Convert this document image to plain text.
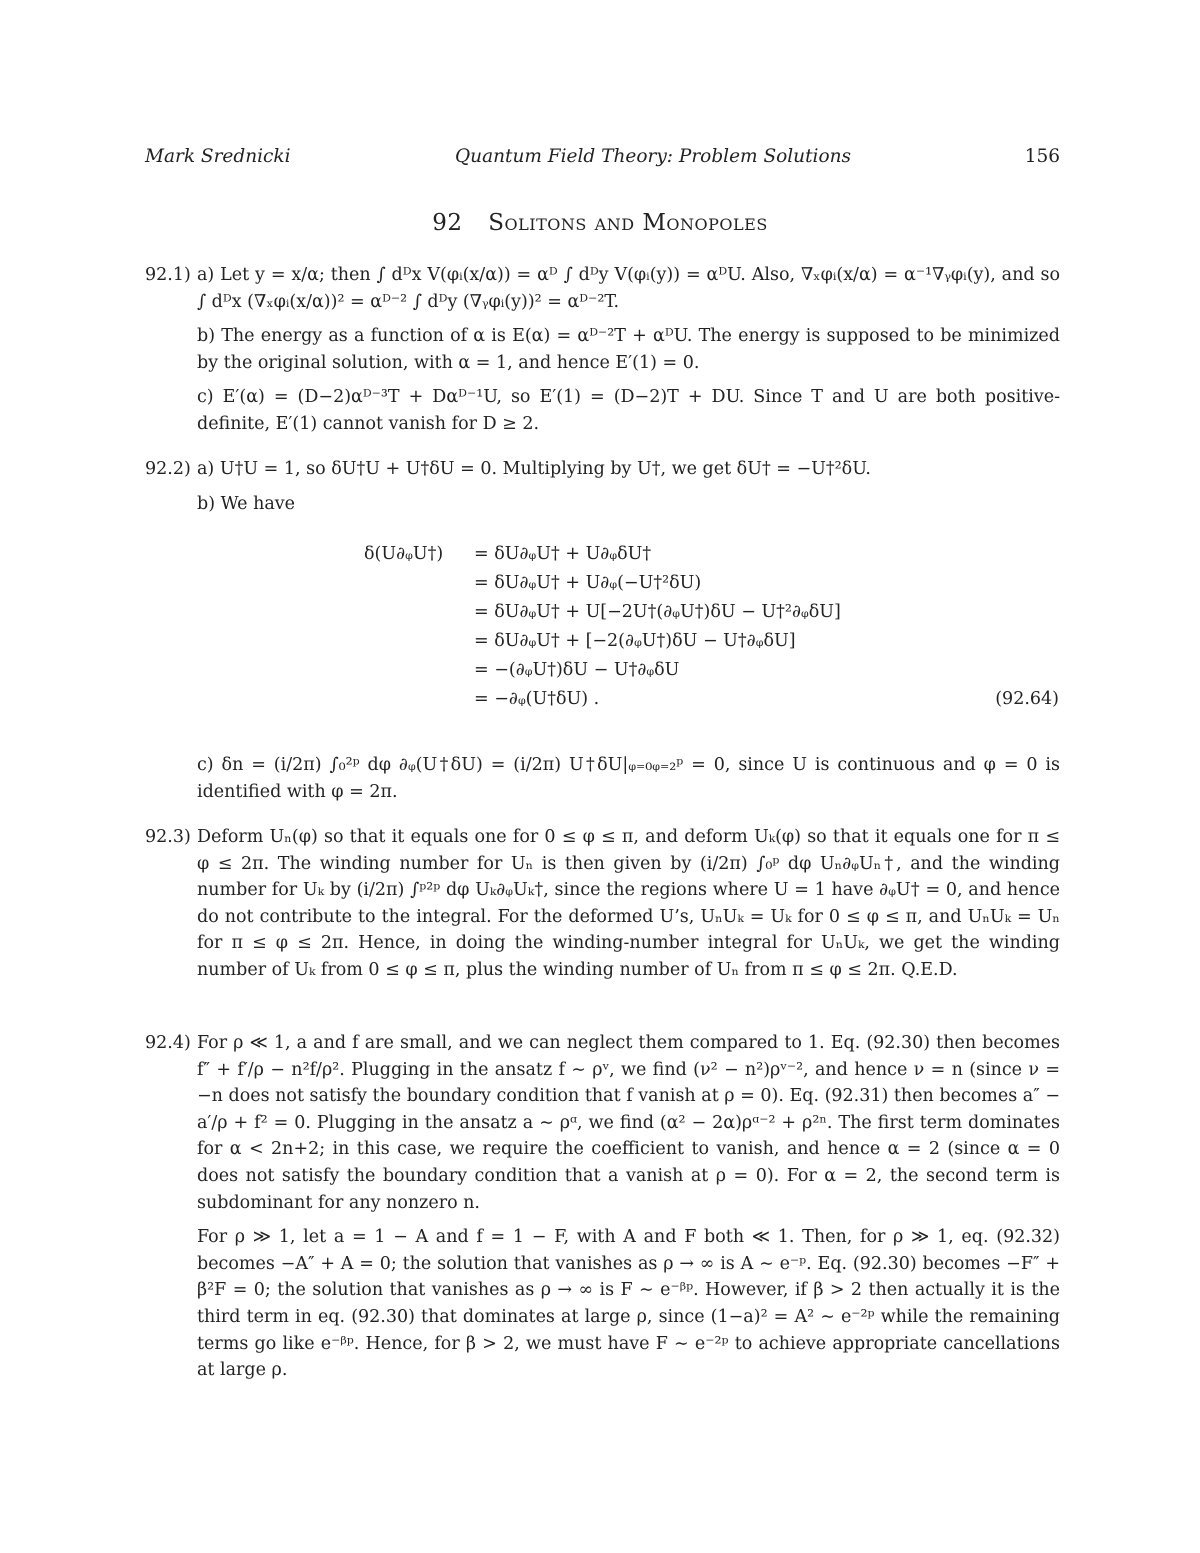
Mark Srednicki	Quantum Field Theory: Problem Solutions	156
92 Solitons and Monopoles
92.1) a) Let y = x/α; then ∫ dᴰx V(φᵢ(x/α)) = αᴰ ∫ dᴰy V(φᵢ(y)) = αᴰU. Also, ∇ₓφᵢ(x/α) = α⁻¹∇ᵧφᵢ(y), and so ∫ dᴰx (∇ₓφᵢ(x/α))² = αᴰ⁻² ∫ dᴰy (∇ᵧφᵢ(y))² = αᴰ⁻²T.

b) The energy as a function of α is E(α) = αᴰ⁻²T + αᴰU. The energy is supposed to be minimized by the original solution, with α = 1, and hence E′(1) = 0.

c) E′(α) = (D−2)αᴰ⁻³T + Dαᴰ⁻¹U, so E′(1) = (D−2)T + DU. Since T and U are both positive-definite, E′(1) cannot vanish for D ≥ 2.

92.2) a) U†U = 1, so δU†U + U†δU = 0. Multiplying by U†, we get δU† = −U†²δU.

b) We have

δ(U∂ᵩU†)	= δU∂ᵩU† + U∂ᵩδU†
= δU∂ᵩU† + U∂ᵩ(−U†²δU)
= δU∂ᵩU† + U[−2U†(∂ᵩU†)δU − U†²∂ᵩδU]
= δU∂ᵩU† + [−2(∂ᵩU†)δU − U†∂ᵩδU]
= −(∂ᵩU†)δU − U†∂ᵩδU
= −∂ᵩ(U†δU) .	(92.64)

c) δn = (i/2π) ∫₀²ᵖ dφ ∂ᵩ(U†δU) = (i/2π) U†δU|ᵩ₌₀ᵩ₌₂ᵖ = 0, since U is continuous and φ = 0 is identified with φ = 2π.

92.3) Deform Uₙ(φ) so that it equals one for 0 ≤ φ ≤ π, and deform Uₖ(φ) so that it equals one for π ≤ φ ≤ 2π. The winding number for Uₙ is then given by (i/2π) ∫₀ᵖ dφ Uₙ∂ᵩUₙ†, and the winding number for Uₖ by (i/2π) ∫ᵖ²ᵖ dφ Uₖ∂ᵩUₖ†, since the regions where U = 1 have ∂ᵩU† = 0, and hence do not contribute to the integral. For the deformed U’s, UₙUₖ = Uₖ for 0 ≤ φ ≤ π, and UₙUₖ = Uₙ for π ≤ φ ≤ 2π. Hence, in doing the winding-number integral for UₙUₖ, we get the winding number of Uₖ from 0 ≤ φ ≤ π, plus the winding number of Uₙ from π ≤ φ ≤ 2π. Q.E.D.

92.4) For ρ ≪ 1, a and f are small, and we can neglect them compared to 1. Eq. (92.30) then becomes f″ + f′/ρ − n²f/ρ². Plugging in the ansatz f ∼ ρᵛ, we find (ν² − n²)ρᵛ⁻², and hence ν = n (since ν = −n does not satisfy the boundary condition that f vanish at ρ = 0). Eq. (92.31) then becomes a″ − a′/ρ + f² = 0. Plugging in the ansatz a ∼ ρᵅ, we find (α² − 2α)ρᵅ⁻² + ρ²ⁿ. The first term dominates for α < 2n+2; in this case, we require the coefficient to vanish, and hence α = 2 (since α = 0 does not satisfy the boundary condition that a vanish at ρ = 0). For α = 2, the second term is subdominant for any nonzero n.

For ρ ≫ 1, let a = 1 − A and f = 1 − F, with A and F both ≪ 1. Then, for ρ ≫ 1, eq. (92.32) becomes −A″ + A = 0; the solution that vanishes as ρ → ∞ is A ∼ e⁻ᵖ. Eq. (92.30) becomes −F″ + β²F = 0; the solution that vanishes as ρ → ∞ is F ∼ e⁻ᵝᵖ. However, if β > 2 then actually it is the third term in eq. (92.30) that dominates at large ρ, since (1−a)² = A² ∼ e⁻²ᵖ while the remaining terms go like e⁻ᵝᵖ. Hence, for β > 2, we must have F ∼ e⁻²ᵖ to achieve appropriate cancellations at large ρ.
